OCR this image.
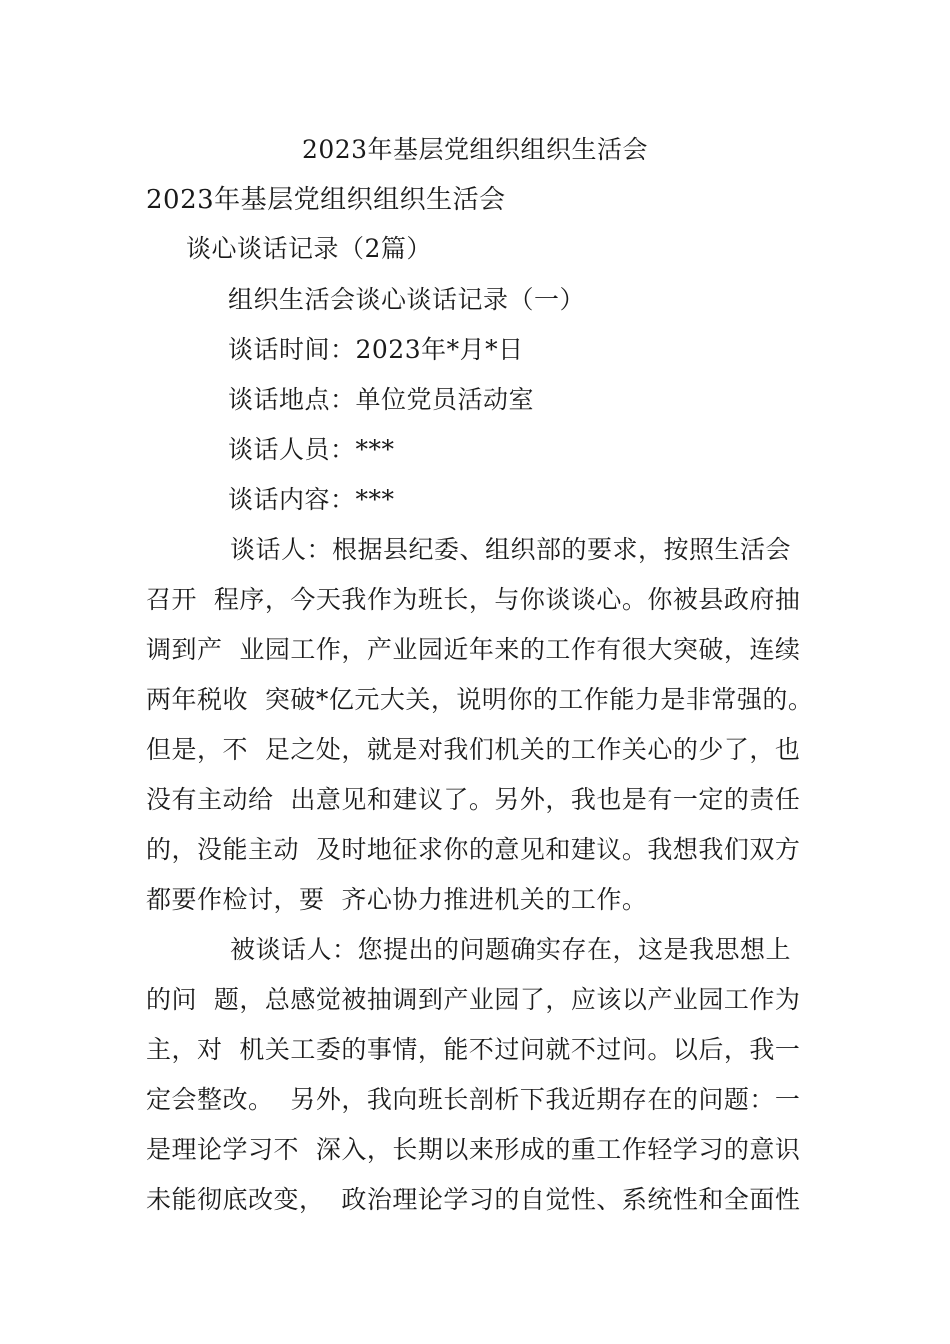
2023年基层党组织组织生活会
2023年基层党组织组织生活会
谈心谈话记录（2篇）
组织生活会谈心谈话记录（一）
谈话时间：2023年*月*日
谈话地点：单位党员活动室
谈话人员：***
谈话内容：***
谈话人：根据县纪委、组织部的要求，按照生活会
召开  程序，今天我作为班长，与你谈谈心。你被县政府抽
调到产  业园工作，产业园近年来的工作有很大突破，连续
两年税收  突破*亿元大关，说明你的工作能力是非常强的。
但是，不  足之处，就是对我们机关的工作关心的少了，也
没有主动给  出意见和建议了。另外，我也是有一定的责任
的，没能主动  及时地征求你的意见和建议。我想我们双方
都要作检讨，要  齐心协力推进机关的工作。
被谈话人：您提出的问题确实存在，这是我思想上
的问  题，总感觉被抽调到产业园了，应该以产业园工作为
主，对  机关工委的事情，能不过问就不过问。以后，我一
定会整改。  另外，我向班长剖析下我近期存在的问题：一
是理论学习不  深入，长期以来形成的重工作轻学习的意识
未能彻底改变，  政治理论学习的自觉性、系统性和全面性
